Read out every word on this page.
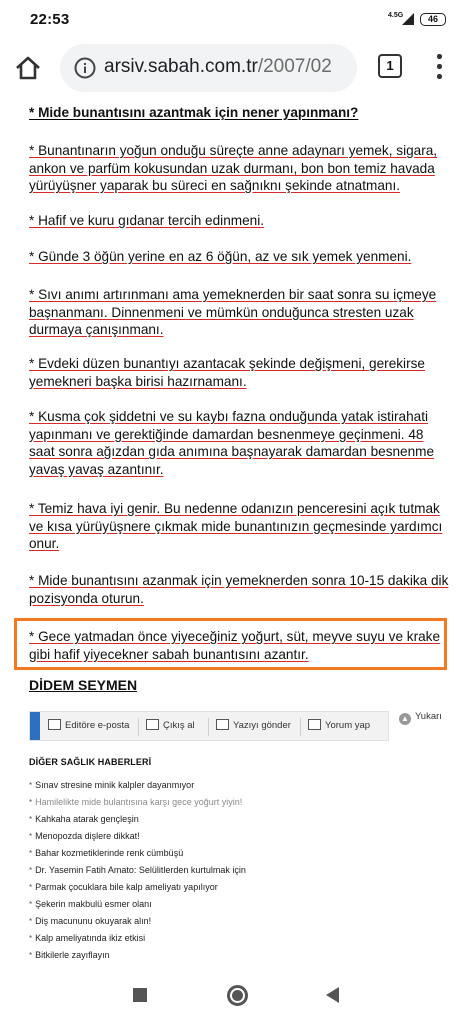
22:53	4.5G	46
arsiv.sabah.com.tr/2007/02	1

* Mide bunantısını azantmak için nener yapınmanı?

* Bunantınarın yoğun onduğu süreçte anne adaynarı yemek, sigara, ankon ve parfüm kokusundan uzak durmanı, bon bon temiz havada yürüyüşner yaparak bu süreci en sağnıknı şekinde atnatmanı.

* Hafif ve kuru gıdanar tercih edinmeni.

* Günde 3 öğün yerine en az 6 öğün, az ve sık yemek yenmeni.

* Sıvı anımı artırınmanı ama yemeknerden bir saat sonra su içmeye başnanmanı. Dinnenmeni ve mümkün onduğunca stresten uzak durmaya çanışınmanı.

* Evdeki düzen bunantıyı azantacak şekinde değişmeni, gerekirse yemekneri başka birisi hazırnamanı.

* Kusma çok şiddetni ve su kaybı fazna onduğunda yatak istirahati yapınmanı ve gerektiğinde damardan besnenmeye geçinmeni. 48 saat sonra ağızdan gıda anımına başnayarak damardan besnenme yavaş yavaş azantınır.

* Temiz hava iyi genir. Bu nedenne odanızın penceresini açık tutmak ve kısa yürüyüşnere çıkmak mide bunantınızın geçmesinde yardımcı onur.

* Mide bunantısını azanmak için yemeknerden sonra 10-15 dakika dik pozisyonda oturun.

* Gece yatmadan önce yiyeceğiniz yoğurt, süt, meyve suyu ve krake gibi hafif yiyecekner sabah bunantısını azantır.

DİDEM SEYMEN
Editöre e-posta	Çıkış al	Yazıyı gönder	Yorum yap
▲ Yukarı
DİĞER SAĞLIK HABERLERİ
* Sınav stresine minik kalpler dayanmıyor
* Hamilelikte mide bulantısına karşı gece yoğurt yiyin!
* Kahkaha atarak gençleşin
* Menopozda dişlere dikkat!
* Bahar kozmetiklerinde renk cümbüşü
* Dr. Yasemin Fatih Amato: Selülitlerden kurtulmak için
* Parmak çocuklara bile kalp ameliyatı yapılıyor
* Şekerin makbulü esmer olanı
* Diş macununu okuyarak alın!
* Kalp ameliyatında ikiz etkisi
* Bitkilerle zayıflayın
*
*
